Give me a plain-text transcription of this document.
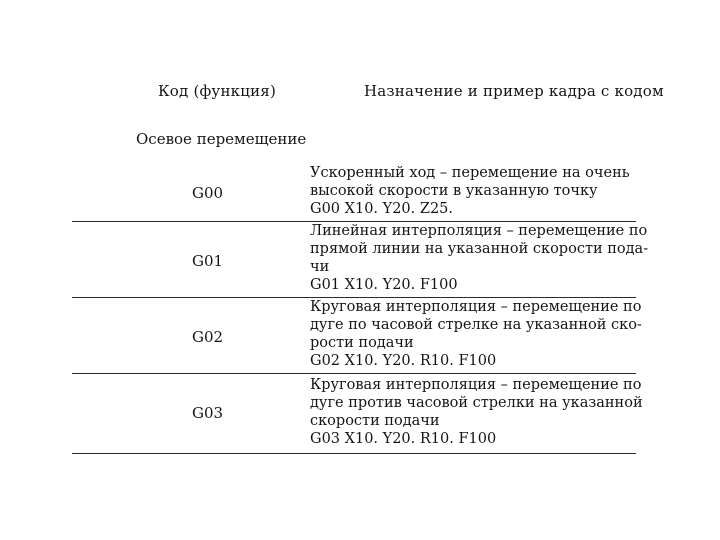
Код (функция)	Назначение и пример кадра с кодом
Осевое перемещение
G00
Ускоренный ход – перемещение на очень
высокой скорости в указанную точку
G00 X10. Y20. Z25.
G01
Линейная интерполяция – перемещение по
прямой линии на указанной скорости пода-
чи
G01 X10. Y20. F100
G02
Круговая интерполяция – перемещение по
дуге по часовой стрелке на указанной ско-
рости подачи
G02 X10. Y20. R10. F100
G03
Круговая интерполяция – перемещение по
дуге против часовой стрелки на указанной
скорости подачи
G03 X10. Y20. R10. F100
